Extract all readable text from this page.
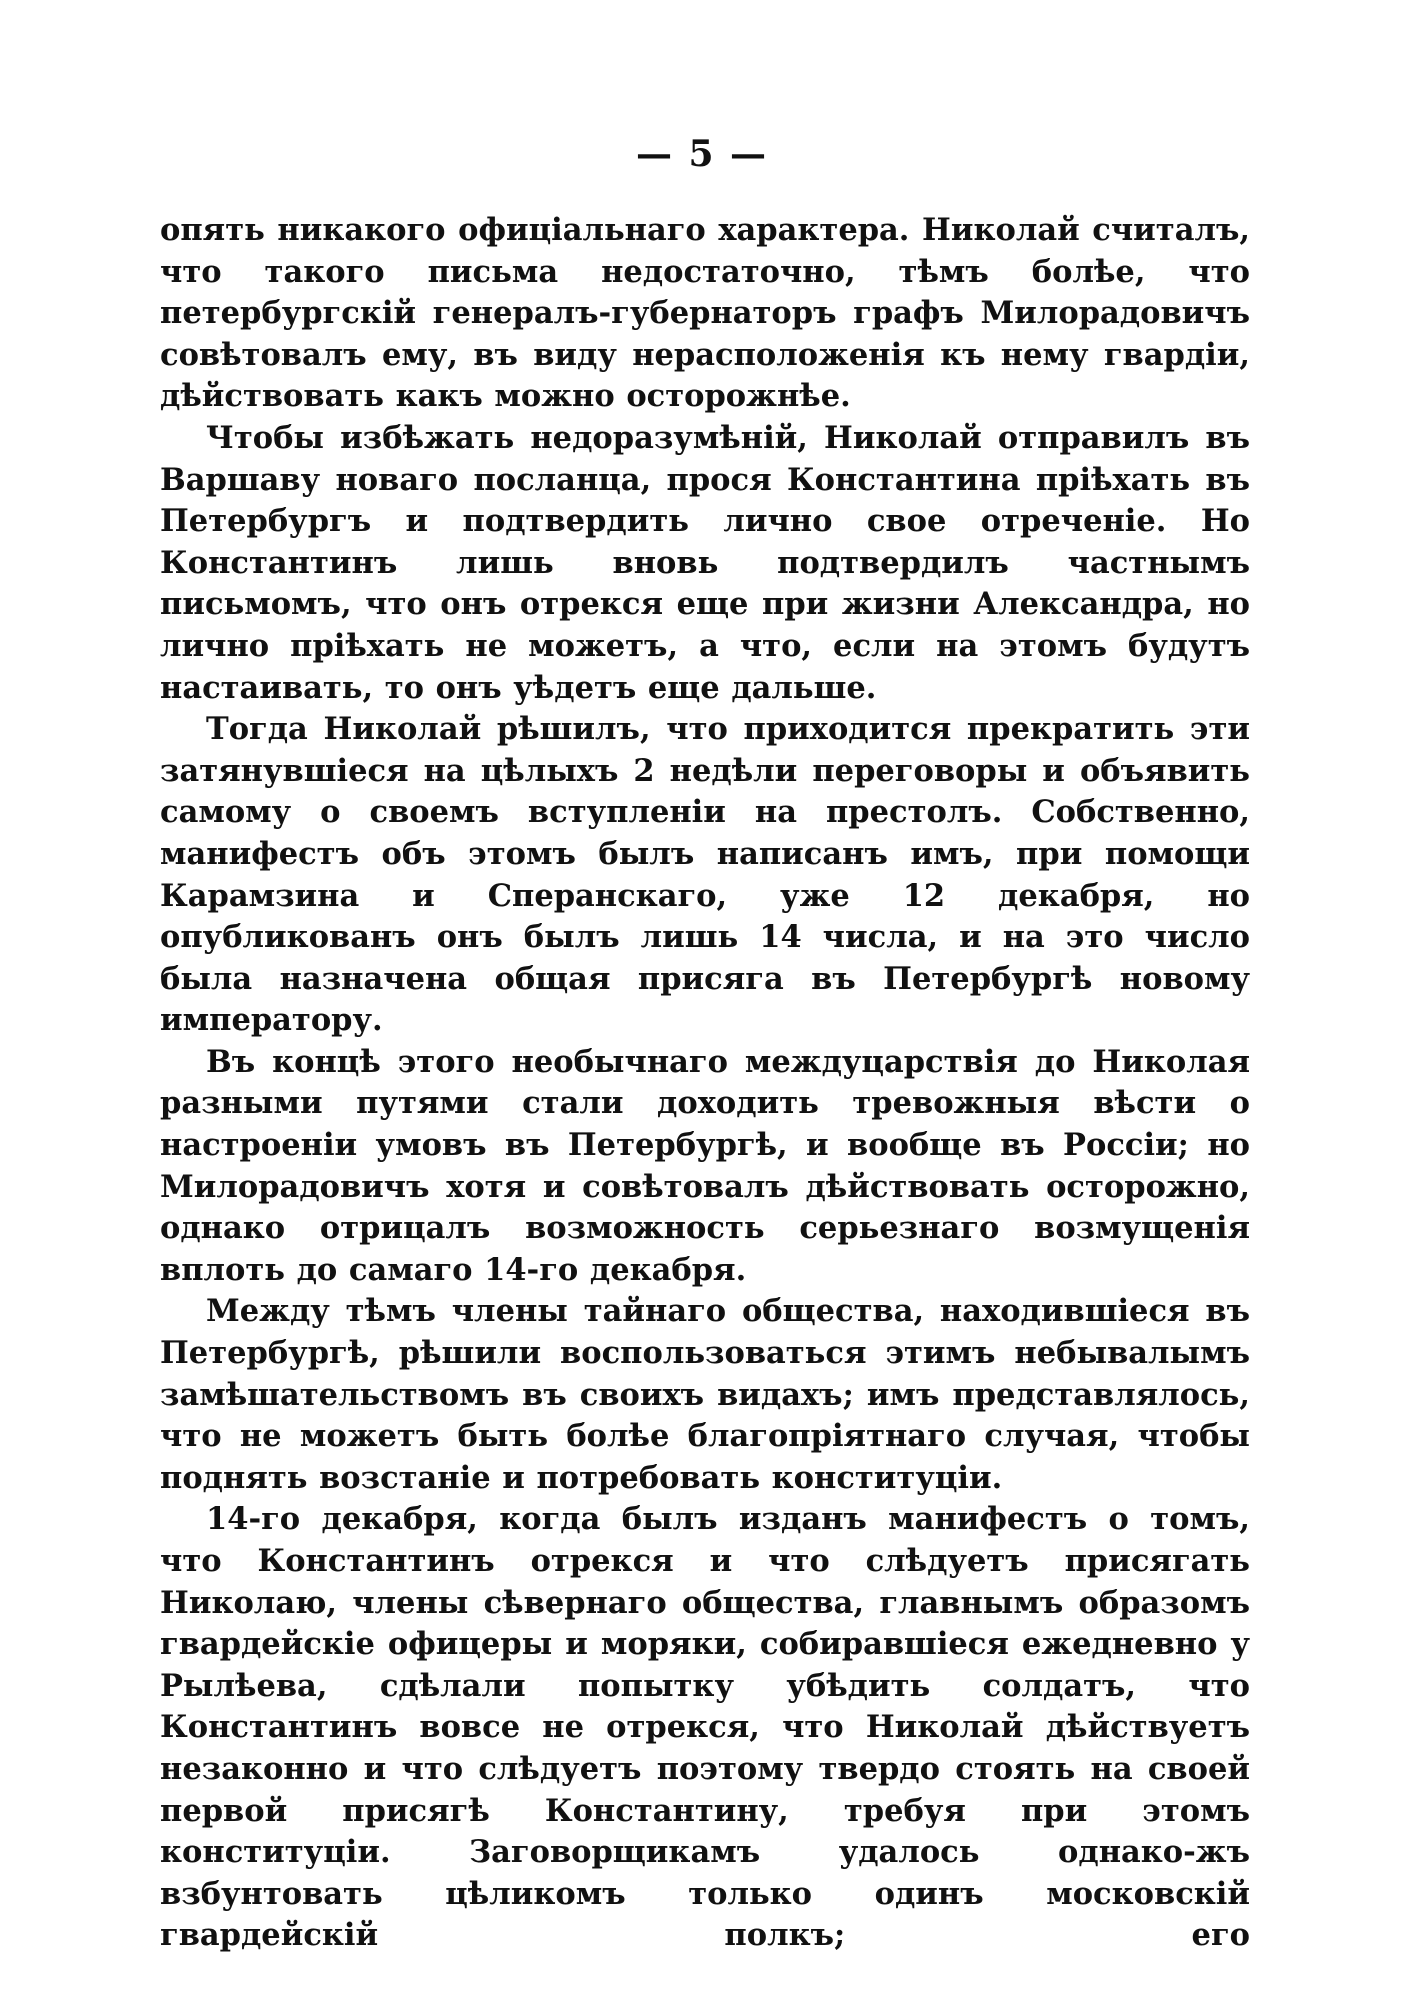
— 5 —

опять никакого офиціальнаго характера. Николай считалъ, что такого письма недостаточно, тѣмъ болѣе, что петербургскій генералъ-губернаторъ графъ Милорадовичъ совѣтовалъ ему, въ виду нерасположенія къ нему гвардіи, дѣйствовать какъ можно осторожнѣе.

Чтобы избѣжать недоразумѣній, Николай отправилъ въ Варшаву новаго посланца, прося Константина пріѣхать въ Петербургъ и подтвердить лично свое отреченіе. Но Константинъ лишь вновь подтвердилъ частнымъ письмомъ, что онъ отрекся еще при жизни Александра, но лично пріѣхать не можетъ, а что, если на этомъ будутъ настаивать, то онъ уѣдетъ еще дальше.

Тогда Николай рѣшилъ, что приходится прекратить эти затянувшіеся на цѣлыхъ 2 недѣли переговоры и объявить самому о своемъ вступленіи на престолъ. Собственно, манифестъ объ этомъ былъ написанъ имъ, при помощи Карамзина и Сперанскаго, уже 12 декабря, но опубликованъ онъ былъ лишь 14 числа, и на это число была назначена общая присяга въ Петербургѣ новому императору.

Въ концѣ этого необычнаго междуцарствія до Николая разными путями стали доходить тревожныя вѣсти о настроеніи умовъ въ Петербургѣ, и вообще въ Россіи; но Милорадовичъ хотя и совѣтовалъ дѣйствовать осторожно, однако отрицалъ возможность серьезнаго возмущенія вплоть до самаго 14-го декабря.

Между тѣмъ члены тайнаго общества, находившіеся въ Петербургѣ, рѣшили воспользоваться этимъ небывалымъ замѣшательствомъ въ своихъ видахъ; имъ представлялось, что не можетъ быть болѣе благопріятнаго случая, чтобы поднять возстаніе и потребовать конституціи.

14-го декабря, когда былъ изданъ манифестъ о томъ, что Константинъ отрекся и что слѣдуетъ присягать Николаю, члены сѣвернаго общества, главнымъ образомъ гвардейскіе офицеры и моряки, собиравшіеся ежедневно у Рылѣева, сдѣлали попытку убѣдить солдатъ, что Константинъ вовсе не отрекся, что Николай дѣйствуетъ незаконно и что слѣдуетъ поэтому твердо стоять на своей первой присягѣ Константину, требуя при этомъ конституціи. Заговорщикамъ удалось однако-жъ взбунтовать цѣликомъ только одинъ московскій гвардейскій полкъ; его
